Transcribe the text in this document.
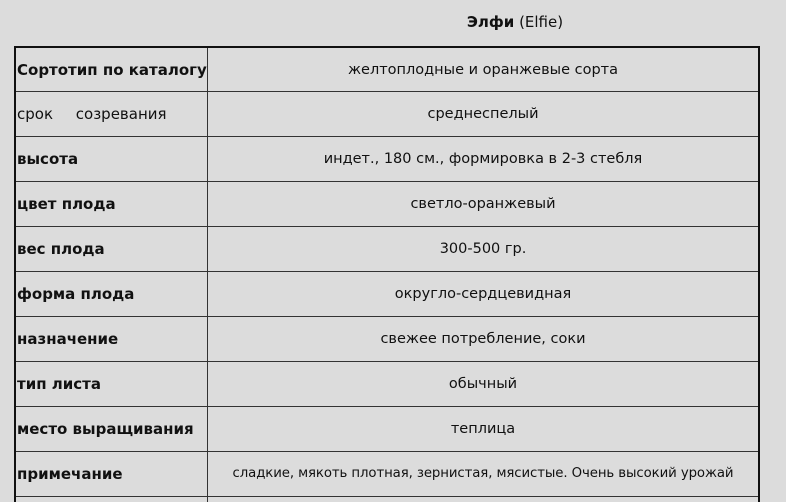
Элфи (Elfie)
Сортотип по каталогу	желтоплодные и оранжевые сорта
срок созревания	среднеспелый
высота	индет., 180 см., формировка в 2-3 стебля
цвет плода	светло-оранжевый
вес плода	300-500 гр.
форма плода	округло-сердцевидная
назначение	свежее потребление, соки
тип листа	обычный
место выращивания	теплица
примечание	сладкие, мякоть плотная, зернистая, мясистые. Очень высокий урожай
